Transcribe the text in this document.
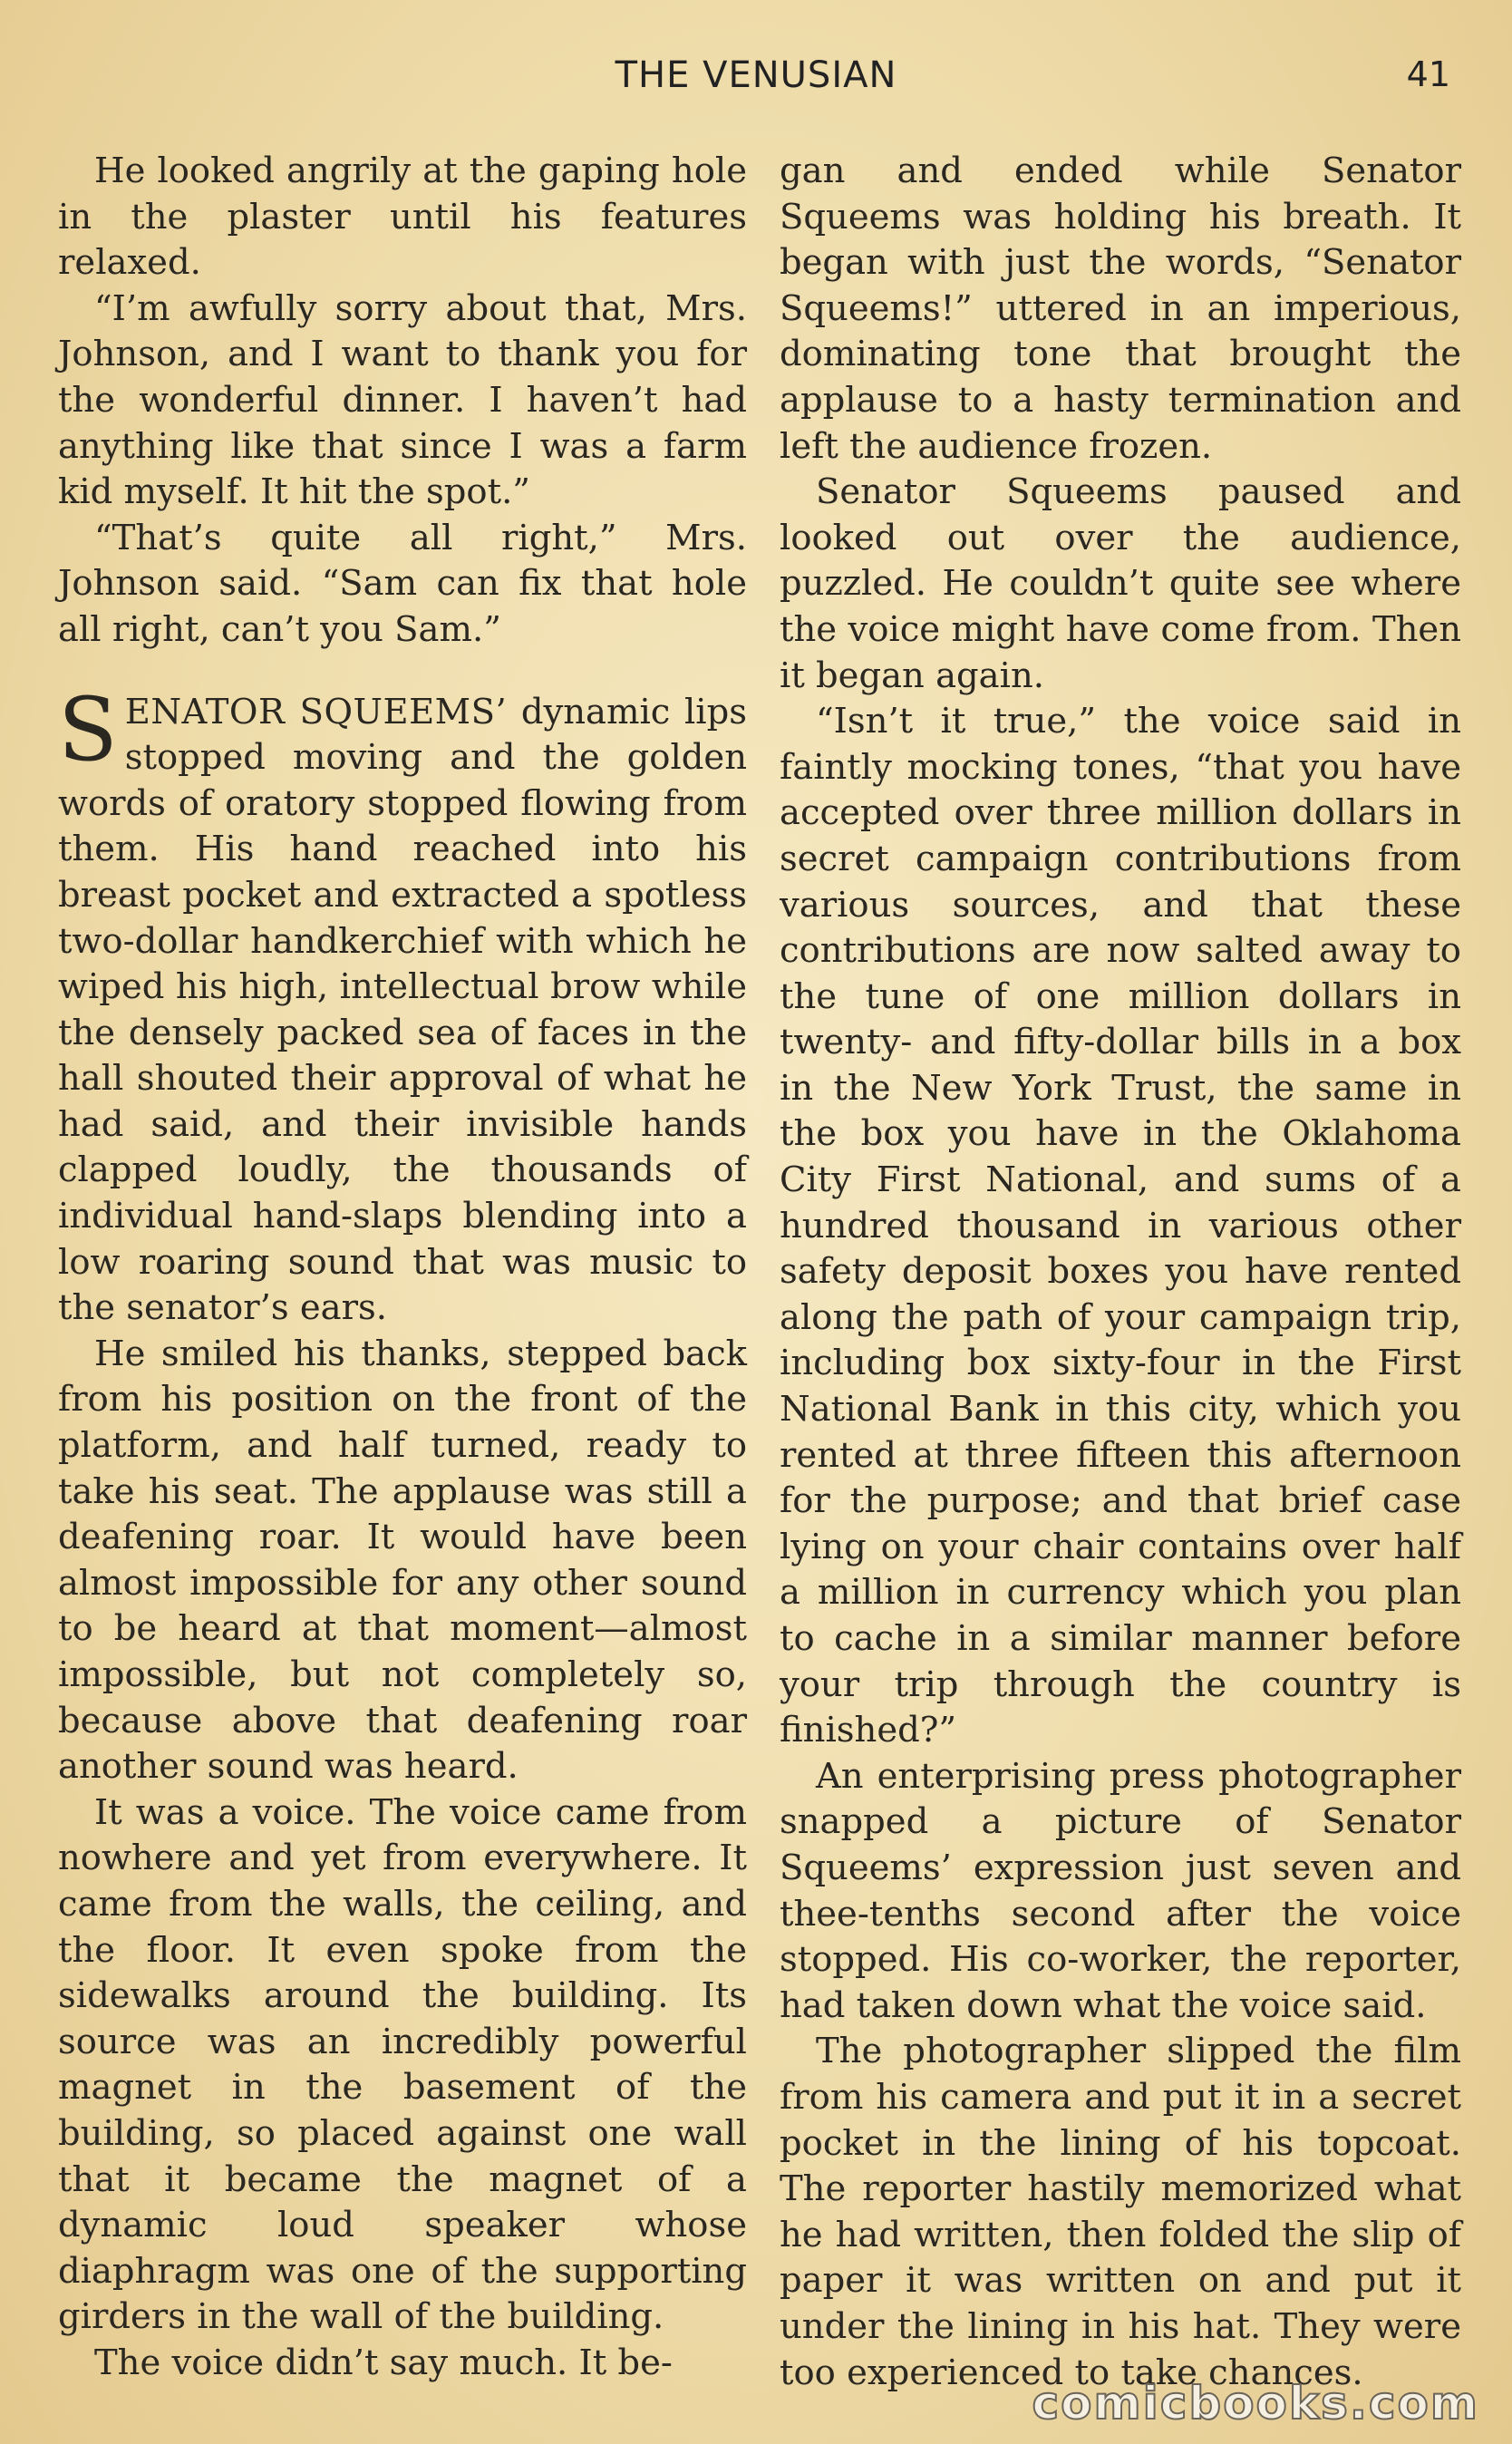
THE VENUSIAN	41

He looked angrily at the gaping hole in the plaster until his features relaxed.

“I’m awfully sorry about that, Mrs. Johnson, and I want to thank you for the wonderful dinner. I haven’t had anything like that since I was a farm kid myself. It hit the spot.”

“That’s quite all right,” Mrs. Johnson said. “Sam can fix that hole all right, can’t you Sam.”

SENATOR SQUEEMS’ dynamic lips stopped moving and the golden words of oratory stopped flowing from them. His hand reached into his breast pocket and extracted a spotless two-dollar handkerchief with which he wiped his high, intellectual brow while the densely packed sea of faces in the hall shouted their approval of what he had said, and their invisible hands clapped loudly, the thousands of individual hand-slaps blending into a low roaring sound that was music to the senator’s ears.

He smiled his thanks, stepped back from his position on the front of the platform, and half turned, ready to take his seat. The applause was still a deafening roar. It would have been almost impossible for any other sound to be heard at that moment—almost impossible, but not completely so, because above that deafening roar another sound was heard.

It was a voice. The voice came from nowhere and yet from everywhere. It came from the walls, the ceiling, and the floor. It even spoke from the sidewalks around the building. Its source was an incredibly powerful magnet in the basement of the building, so placed against one wall that it became the magnet of a dynamic loud speaker whose diaphragm was one of the supporting girders in the wall of the building.

The voice didn’t say much. It be-

gan and ended while Senator Squeems was holding his breath. It began with just the words, “Senator Squeems!” uttered in an imperious, dominating tone that brought the applause to a hasty termination and left the audience frozen.

Senator Squeems paused and looked out over the audience, puzzled. He couldn’t quite see where the voice might have come from. Then it began again.

“Isn’t it true,” the voice said in faintly mocking tones, “that you have accepted over three million dollars in secret campaign contributions from various sources, and that these contributions are now salted away to the tune of one million dollars in twenty- and fifty-dollar bills in a box in the New York Trust, the same in the box you have in the Oklahoma City First National, and sums of a hundred thousand in various other safety deposit boxes you have rented along the path of your campaign trip, including box sixty-four in the First National Bank in this city, which you rented at three fifteen this afternoon for the purpose; and that brief case lying on your chair contains over half a million in currency which you plan to cache in a similar manner before your trip through the country is finished?”

An enterprising press photographer snapped a picture of Senator Squeems’ expression just seven and thee-tenths second after the voice stopped. His co-worker, the reporter, had taken down what the voice said.

The photographer slipped the film from his camera and put it in a secret pocket in the lining of his topcoat. The reporter hastily memorized what he had written, then folded the slip of paper it was written on and put it under the lining in his hat. They were too experienced to take chances.

comicbooks.com
